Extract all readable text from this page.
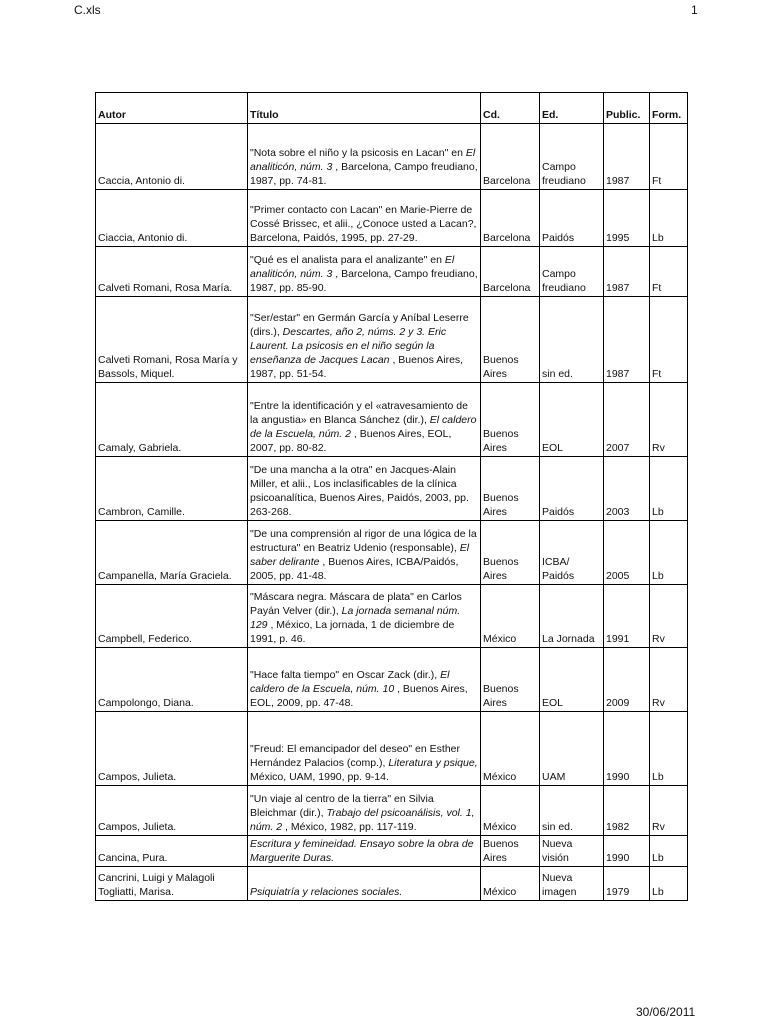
C.xls	1
Autor	Título	Cd.	Ed.	Public.	Form.
Caccia, Antonio di.	"Nota sobre el niño y la psicosis en Lacan" en El analiticón, núm. 3 , Barcelona, Campo freudiano, 1987, pp. 74-81.	Barcelona	Campo freudiano	1987	Ft
Ciaccia, Antonio di.	"Primer contacto con Lacan" en Marie-Pierre de Cossé Brissec, et alii., ¿Conoce usted a Lacan?, Barcelona, Paidós, 1995, pp. 27-29.	Barcelona	Paidós	1995	Lb
Calveti Romani, Rosa María.	"Qué es el analista para el analizante" en El analiticón, núm. 3 , Barcelona, Campo freudiano, 1987, pp. 85-90.	Barcelona	Campo freudiano	1987	Ft
Calveti Romani, Rosa María y Bassols, Miquel.	"Ser/estar" en Germán García y Aníbal Leserre (dirs.), Descartes, año 2, núms. 2 y 3. Eric Laurent. La psicosis en el niño según la enseñanza de Jacques Lacan , Buenos Aires, 1987, pp. 51-54.	Buenos Aires	sin ed.	1987	Ft
Camaly, Gabriela.	"Entre la identificación y el «atravesamiento de la angustia» en Blanca Sánchez (dir.), El caldero de la Escuela, núm. 2 , Buenos Aires, EOL, 2007, pp. 80-82.	Buenos Aires	EOL	2007	Rv
Cambron, Camille.	"De una mancha a la otra" en Jacques-Alain Miller, et alii., Los inclasificables de la clínica psicoanalítica, Buenos Aires, Paidós, 2003, pp. 263-268.	Buenos Aires	Paidós	2003	Lb
Campanella, María Graciela.	"De una comprensión al rigor de una lógica de la estructura" en Beatriz Udenio (responsable), El saber delirante , Buenos Aires, ICBA/Paidós, 2005, pp. 41-48.	Buenos Aires	ICBA/ Paidós	2005	Lb
Campbell, Federico.	"Máscara negra. Máscara de plata" en Carlos Payán Velver (dir.), La jornada semanal núm. 129 , México, La jornada, 1 de diciembre de 1991, p. 46.	México	La Jornada	1991	Rv
Campolongo, Diana.	"Hace falta tiempo" en Oscar Zack (dir.), El caldero de la Escuela, núm. 10 , Buenos Aires, EOL, 2009, pp. 47-48.	Buenos Aires	EOL	2009	Rv
Campos, Julieta.	"Freud: El emancipador del deseo" en Esther Hernández Palacios (comp.), Literatura y psique, México, UAM, 1990, pp. 9-14.	México	UAM	1990	Lb
Campos, Julieta.	"Un viaje al centro de la tierra" en Silvia Bleichmar (dir.), Trabajo del psicoanálisis, vol. 1, núm. 2 , México, 1982, pp. 117-119.	México	sin ed.	1982	Rv
Cancina, Pura.	Escritura y femineidad. Ensayo sobre la obra de Marguerite Duras.	Buenos Aires	Nueva visión	1990	Lb
Cancrini, Luigi y Malagoli Togliatti, Marisa.	Psiquiatría y relaciones sociales.	México	Nueva imagen	1979	Lb
30/06/2011
